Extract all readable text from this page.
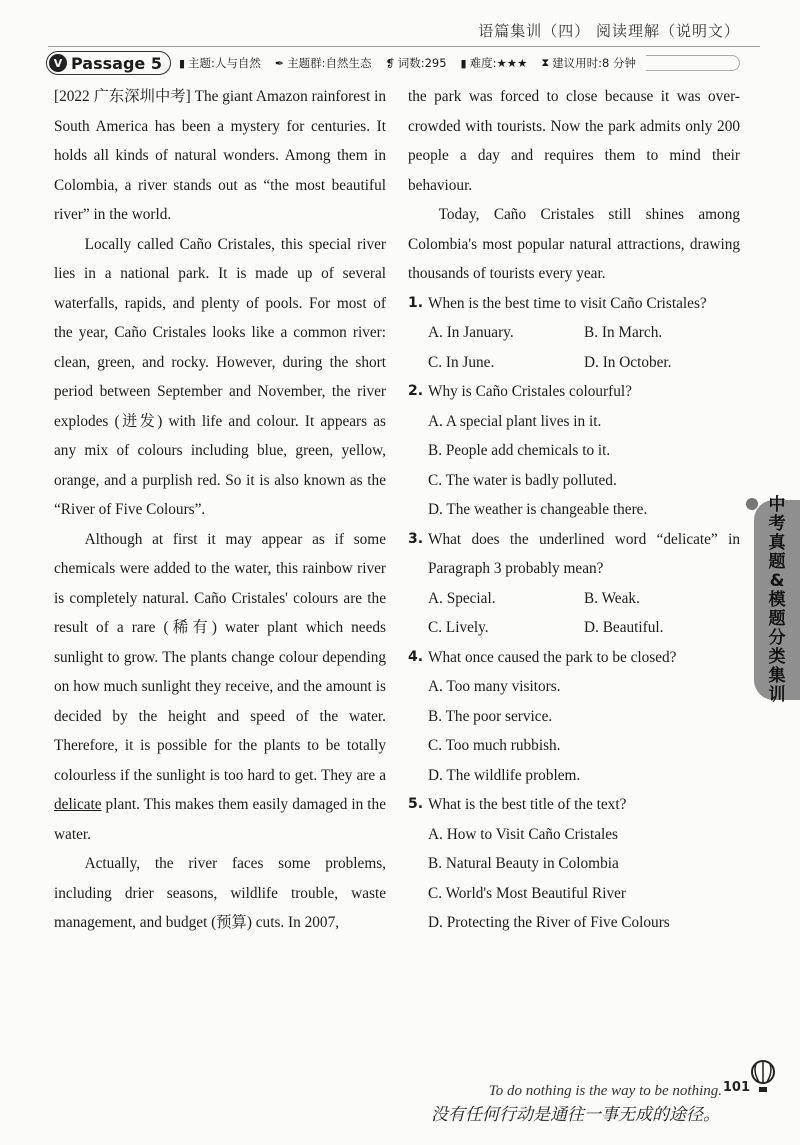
语篇集训（四） 阅读理解（说明文）
V Passage 5 ▮ 主题:人与自然 ✒ 主题群:自然生态 ❡ 词数:295 ▮ 难度:★★★ ⧗ 建议用时:8 分钟

[2022 广东深圳中考] The giant Amazon rainforest in South America has been a mystery for centuries. It holds all kinds of natural wonders. Among them in Colombia, a river stands out as “the most beautiful river” in the world.

Locally called Caño Cristales, this special river lies in a national park. It is made up of several waterfalls, rapids, and plenty of pools. For most of the year, Caño Cristales looks like a common river: clean, green, and rocky. However, during the short period between September and November, the river explodes (迸发) with life and colour. It appears as any mix of colours including blue, green, yellow, orange, and a purplish red. So it is also known as the “River of Five Colours”.

Although at first it may appear as if some chemicals were added to the water, this rainbow river is completely natural. Caño Cristales' colours are the result of a rare (稀有) water plant which needs sunlight to grow. The plants change colour depending on how much sunlight they receive, and the amount is decided by the height and speed of the water. Therefore, it is possible for the plants to be totally colourless if the sunlight is too hard to get. They are a delicate plant. This makes them easily damaged in the water.

Actually, the river faces some problems, including drier seasons, wildlife trouble, waste management, and budget (预算) cuts. In 2007,

the park was forced to close because it was over-crowded with tourists. Now the park admits only 200 people a day and requires them to mind their behaviour.

Today, Caño Cristales still shines among Colombia's most popular natural attractions, drawing thousands of tourists every year.

1. When is the best time to visit Caño Cristales?
A. In January.	B. In March.
C. In June.	D. In October.
2. Why is Caño Cristales colourful?
A. A special plant lives in it.
B. People add chemicals to it.
C. The water is badly polluted.
D. The weather is changeable there.
3. What does the underlined word “delicate” in Paragraph 3 probably mean?
A. Special.	B. Weak.
C. Lively.	D. Beautiful.
4. What once caused the park to be closed?
A. Too many visitors.
B. The poor service.
C. Too much rubbish.
D. The wildlife problem.
5. What is the best title of the text?
A. How to Visit Caño Cristales
B. Natural Beauty in Colombia
C. World's Most Beautiful River
D. Protecting the River of Five Colours
中
考
真
题
&
模
题
分
类
集
训
To do nothing is the way to be nothing.
没有任何行动是通往一事无成的途径。
101
